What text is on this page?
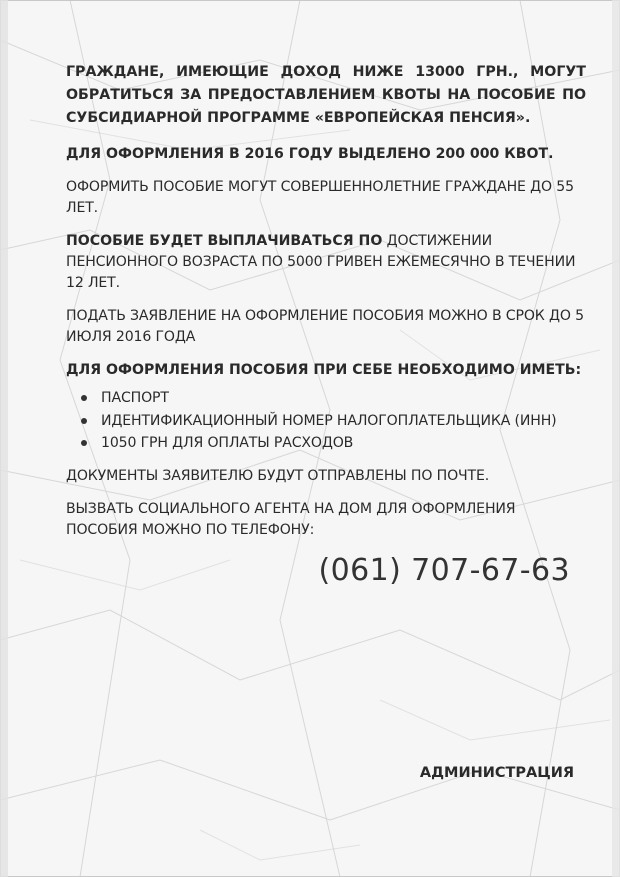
ГРАЖДАНЕ, ИМЕЮЩИЕ ДОХОД НИЖЕ 13000 ГРН., МОГУТ ОБРАТИТЬСЯ ЗА ПРЕДОСТАВЛЕНИЕМ КВОТЫ НА ПОСОБИЕ ПО СУБСИДИАРНОЙ ПРОГРАММЕ «ЕВРОПЕЙСКАЯ ПЕНСИЯ».

ДЛЯ ОФОРМЛЕНИЯ В 2016 ГОДУ ВЫДЕЛЕНО 200 000 КВОТ.

ОФОРМИТЬ ПОСОБИЕ МОГУТ СОВЕРШЕННОЛЕТНИЕ ГРАЖДАНЕ ДО 55 ЛЕТ.

ПОСОБИЕ БУДЕТ ВЫПЛАЧИВАТЬСЯ ПО ДОСТИЖЕНИИ ПЕНСИОННОГО ВОЗРАСТА ПО 5000 ГРИВЕН ЕЖЕМЕСЯЧНО В ТЕЧЕНИИ 12 ЛЕТ.

ПОДАТЬ ЗАЯВЛЕНИЕ НА ОФОРМЛЕНИЕ ПОСОБИЯ МОЖНО В СРОК ДО 5 ИЮЛЯ 2016 ГОДА

ДЛЯ ОФОРМЛЕНИЯ ПОСОБИЯ ПРИ СЕБЕ НЕОБХОДИМО ИМЕТЬ:

ПАСПОРТ
ИДЕНТИФИКАЦИОННЫЙ НОМЕР НАЛОГОПЛАТЕЛЬЩИКА (ИНН)
1050 ГРН ДЛЯ ОПЛАТЫ РАСХОДОВ

ДОКУМЕНТЫ ЗАЯВИТЕЛЮ БУДУТ ОТПРАВЛЕНЫ ПО ПОЧТЕ.

ВЫЗВАТЬ СОЦИАЛЬНОГО АГЕНТА НА ДОМ ДЛЯ ОФОРМЛЕНИЯ ПОСОБИЯ МОЖНО ПО ТЕЛЕФОНУ:

(061) 707-67-63
АДМИНИСТРАЦИЯ
